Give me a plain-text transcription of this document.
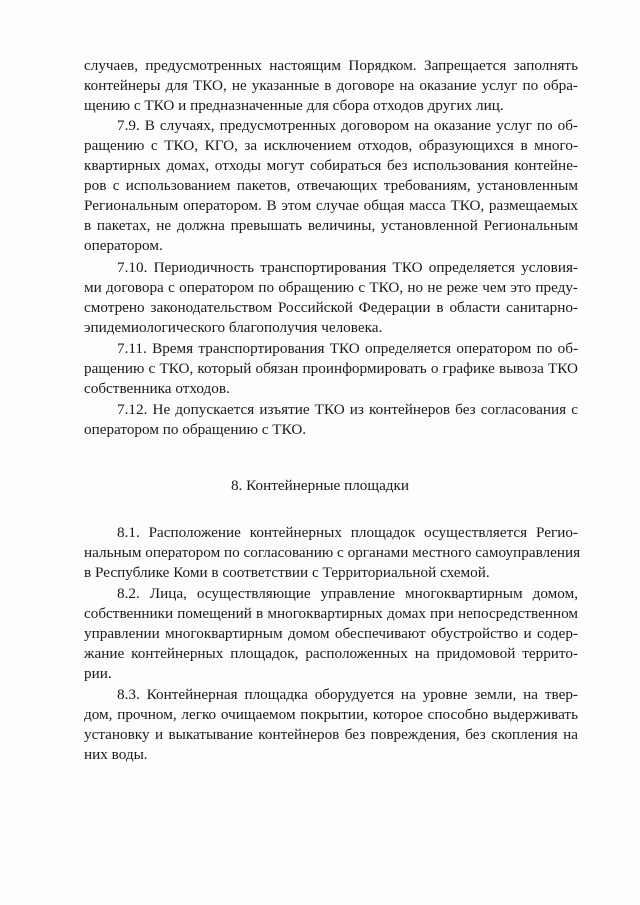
случаев, предусмотренных настоящим Порядком. Запрещается заполнять
контейнеры для ТКО, не указанные в договоре на оказание услуг по обра-
щению с ТКО и предназначенные для сбора отходов других лиц.
7.9. В случаях, предусмотренных договором на оказание услуг по об-
ращению с ТКО, КГО, за исключением отходов, образующихся в много-
квартирных домах, отходы могут собираться без использования контейне-
ров с использованием пакетов, отвечающих требованиям, установленным
Региональным оператором. В этом случае общая масса ТКО, размещаемых
в пакетах, не должна превышать величины, установленной Региональным
оператором.
7.10. Периодичность транспортирования ТКО определяется условия-
ми договора с оператором по обращению с ТКО, но не реже чем это преду-
смотрено законодательством Российской Федерации в области санитарно-
эпидемиологического благополучия человека.
7.11. Время транспортирования ТКО определяется оператором по об-
ращению с ТКО, который обязан проинформировать о графике вывоза ТКО
собственника отходов.
7.12. Не допускается изъятие ТКО из контейнеров без согласования с
оператором по обращению с ТКО.
8. Контейнерные площадки
8.1. Расположение контейнерных площадок осуществляется Регио-
нальным оператором по согласованию с органами местного самоуправления
в Республике Коми в соответствии с Территориальной схемой.
8.2. Лица, осуществляющие управление многоквартирным домом,
собственники помещений в многоквартирных домах при непосредственном
управлении многоквартирным домом обеспечивают обустройство и содер-
жание контейнерных площадок, расположенных на придомовой террито-
рии.
8.3. Контейнерная площадка оборудуется на уровне земли, на твер-
дом, прочном, легко очищаемом покрытии, которое способно выдерживать
установку и выкатывание контейнеров без повреждения, без скопления на
них воды.
